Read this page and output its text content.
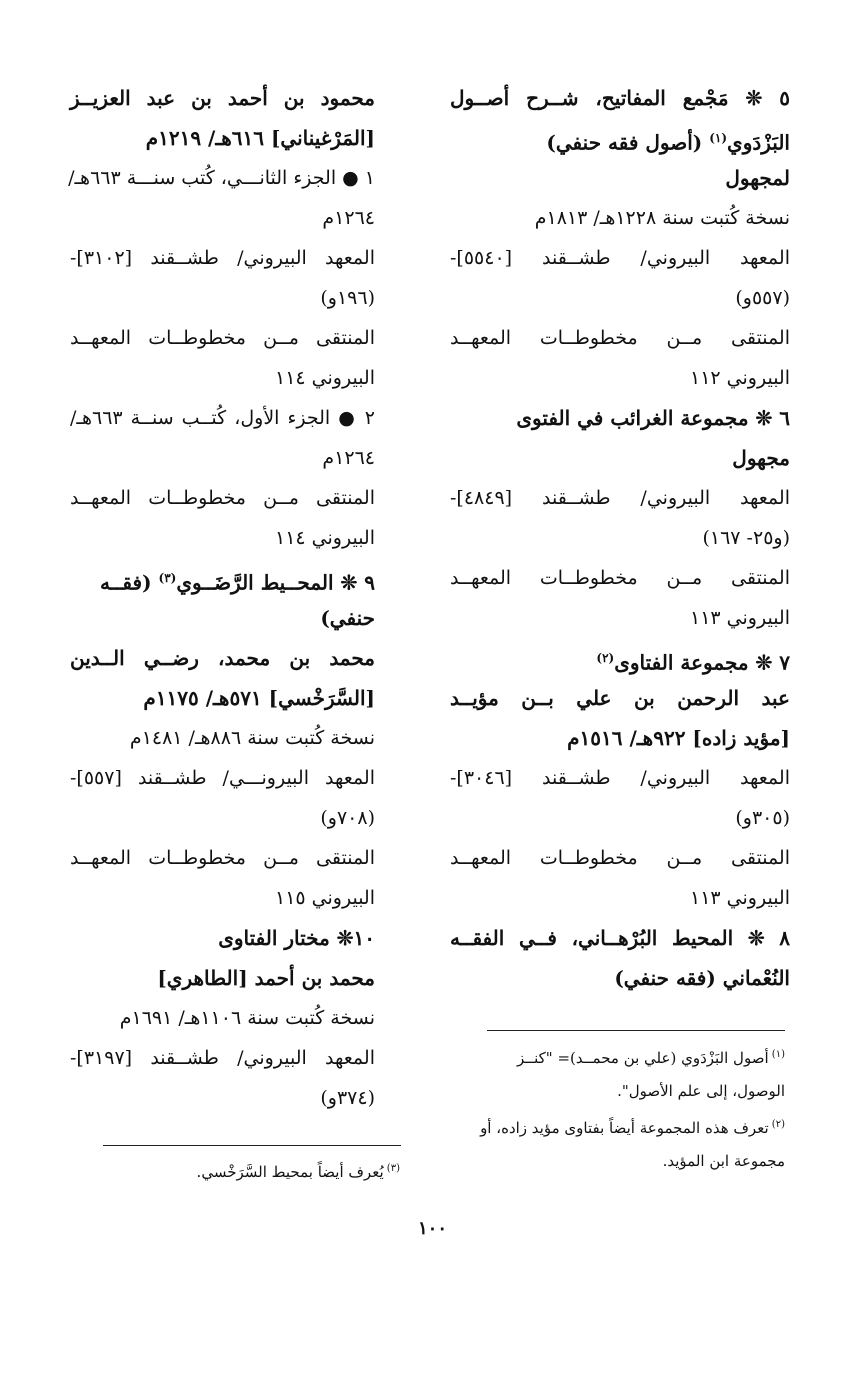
٥ ❊ مَجْمع المفاتيح، شــرح أصــول
البَزْدَوي$^{(١)}$ (أصول فقه حنفي)
لمجهول
نسخة كُتبت سنة ١٢٢٨هـ/ ١٨١٣م
المعهد البيروني/ طشــقند [٥٥٤٠]-
(٥٥٧و)
المنتقى مــن مخطوطــات المعهــد
البيروني ١١٢
٦ ❊ مجموعة الغرائب في الفتوى
مجهول
المعهد البيروني/ طشــقند [٤٨٤٩]-
(و٢٥- ١٦٧)
المنتقى مــن مخطوطــات المعهــد
البيروني ١١٣
٧ ❊ مجموعة الفتاوى$^{(٢)}$
عبد الرحمن بن علي بــن مؤيــد
[مؤيد زاده] ٩٢٢هـ/ ١٥١٦م
المعهد البيروني/ طشــقند [٣٠٤٦]-
(٣٠٥و)
المنتقى مــن مخطوطــات المعهــد
البيروني ١١٣
٨ ❊ المحيط البُرْهــاني، فــي الفقــه
النُعْماني (فقه حنفي)
محمود بن أحمد بن عبد العزيــز
[المَرْغيناني] ٦١٦هـ/ ١٢١٩م
١ ● الجزء الثانـــي، كُتب سنـــة ٦٦٣هـ/
١٢٦٤م
المعهد البيروني/ طشــقند [٣١٠٢]-
(١٩٦و)
المنتقى مــن مخطوطــات المعهــد
البيروني ١١٤
٢ ● الجزء الأول، كُتــب سنــة ٦٦٣هـ/
١٢٦٤م
المنتقى مــن مخطوطــات المعهــد
البيروني ١١٤
٩ ❊ المحــيط الرَّضَــوي$^{(٣)}$ (فقــه
حنفي)
محمد بن محمد، رضــي الــدين
[السَّرَخْسي] ٥٧١هـ/ ١١٧٥م
نسخة كُتبت سنة ٨٨٦هـ/ ١٤٨١م
المعهد البيرونـــي/ طشــقند [٥٥٧]-
(٧٠٨و)
المنتقى مــن مخطوطــات المعهــد
البيروني ١١٥
١٠❊ مختار الفتاوى
محمد بن أحمد [الطاهري]
نسخة كُتبت سنة ١١٠٦هـ/ ١٦٩١م
المعهد البيروني/ طشــقند [٣١٩٧]-
(٣٧٤و)
$^{(١)}$ أصول البَزْدَوي (علي بن محمــد)= "كنــز
الوصول، إلى علم الأصول".
$^{(٢)}$ تعرف هذه المجموعة أيضاً بفتاوى مؤيد زاده، أو
مجموعة ابن المؤيد.
$^{(٣)}$ يُعرف أيضاً بمحيط السَّرَخْسي.
١٠٠
